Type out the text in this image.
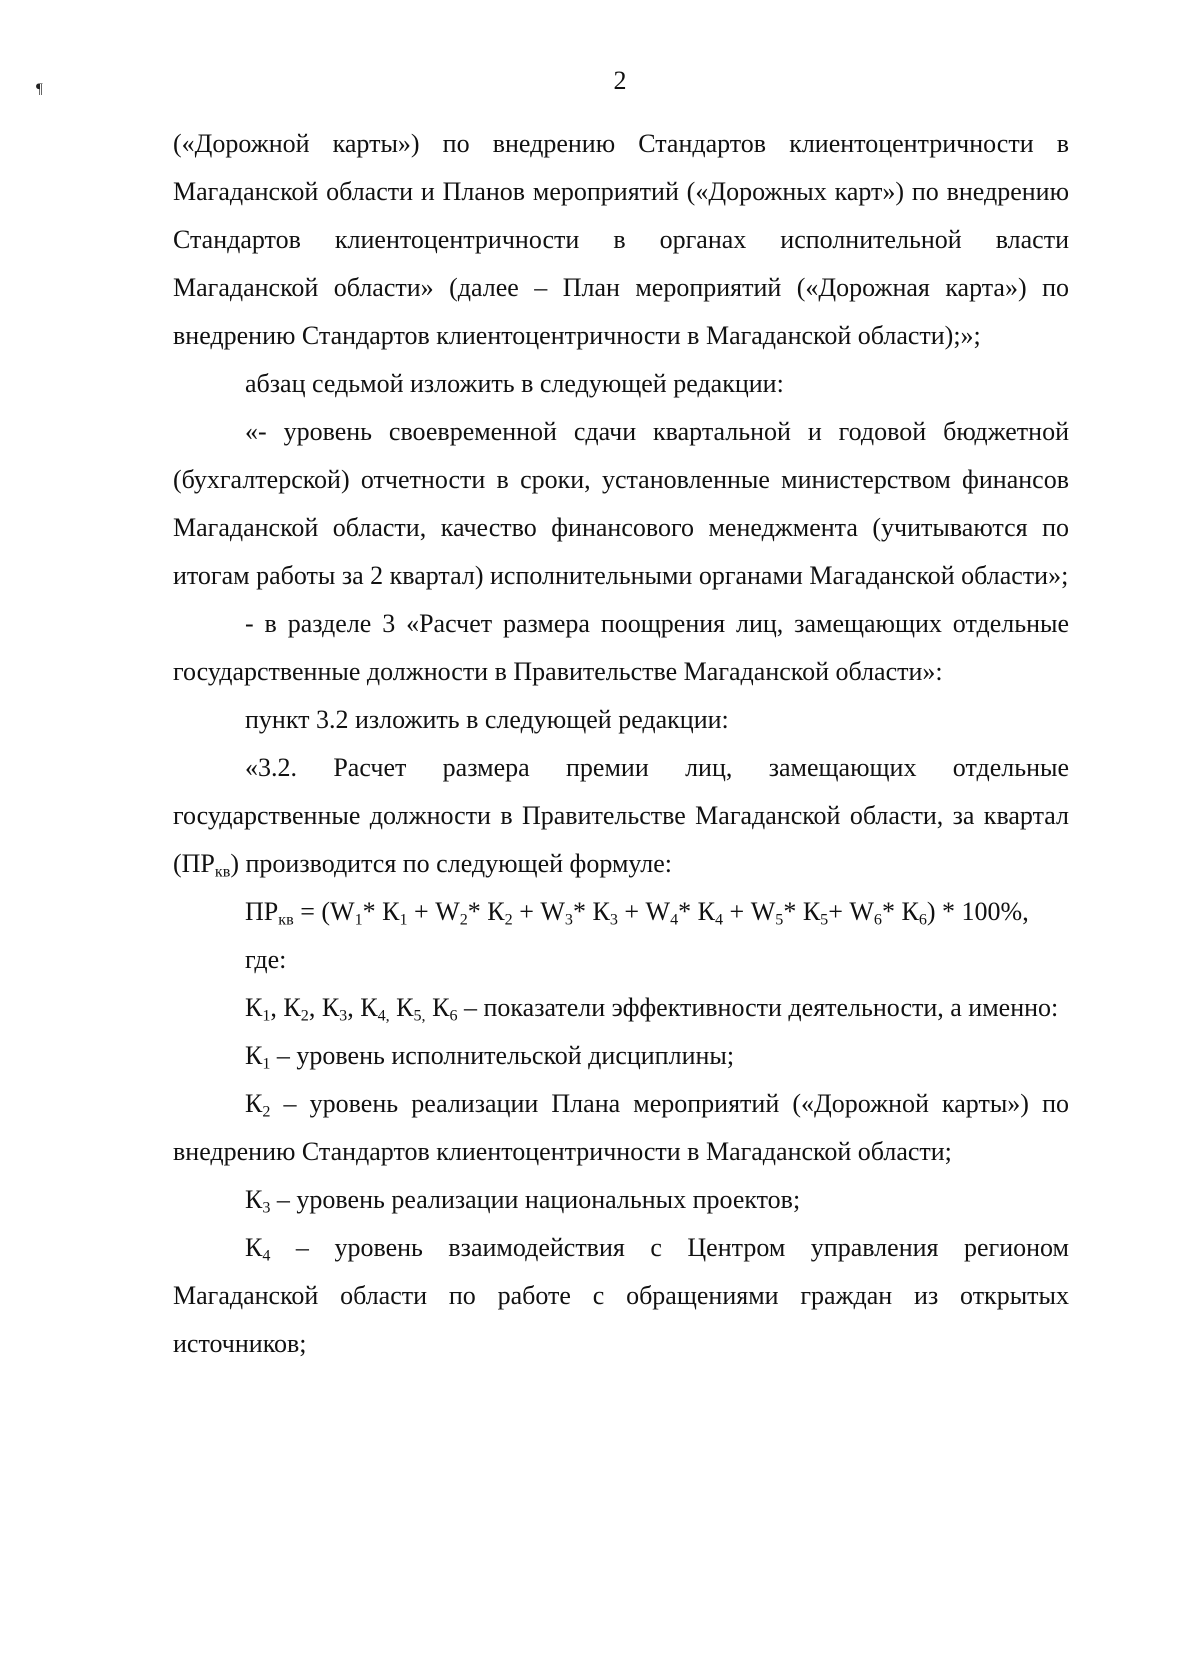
¶	2

(«Дорожной карты») по внедрению Стандартов клиентоцентричности в Магаданской области и Планов мероприятий («Дорожных карт») по внедрению Стандартов клиентоцентричности в органах исполнительной власти Магаданской области» (далее – План мероприятий («Дорожная карта») по внедрению Стандартов клиентоцентричности в Магаданской области);»;

абзац седьмой изложить в следующей редакции:

«- уровень своевременной сдачи квартальной и годовой бюджетной (бухгалтерской) отчетности в сроки, установленные министерством финансов Магаданской области, качество финансового менеджмента (учитываются по итогам работы за 2 квартал) исполнительными органами Магаданской области»;

- в разделе 3 «Расчет размера поощрения лиц, замещающих отдельные государственные должности в Правительстве Магаданской области»:

пункт 3.2 изложить в следующей редакции:

«3.2. Расчет размера премии лиц, замещающих отдельные государственные должности в Правительстве Магаданской области, за квартал $(ПР_{кв})$ производится по следующей формуле:

$ПР_{кв} = (W_1*$ $К_1 + W_2*$ $К_2 + W_3*$ $К_3 + W_4*$ $К_4 + W_5*$ $К_5+ W_6*$ $К_6) * 100\%$,

где:

$К_1$, $К_2$, $К_3$, $К_{4,}$ $К_{5,}$ $К_6$ – показатели эффективности деятельности, а именно:

$К_1$ – уровень исполнительской дисциплины;

$К_2$ – уровень реализации Плана мероприятий («Дорожной карты») по внедрению Стандартов клиентоцентричности в Магаданской области;

$К_3$ – уровень реализации национальных проектов;

$К_4$ – уровень взаимодействия с Центром управления регионом Магаданской области по работе с обращениями граждан из открытых источников;
